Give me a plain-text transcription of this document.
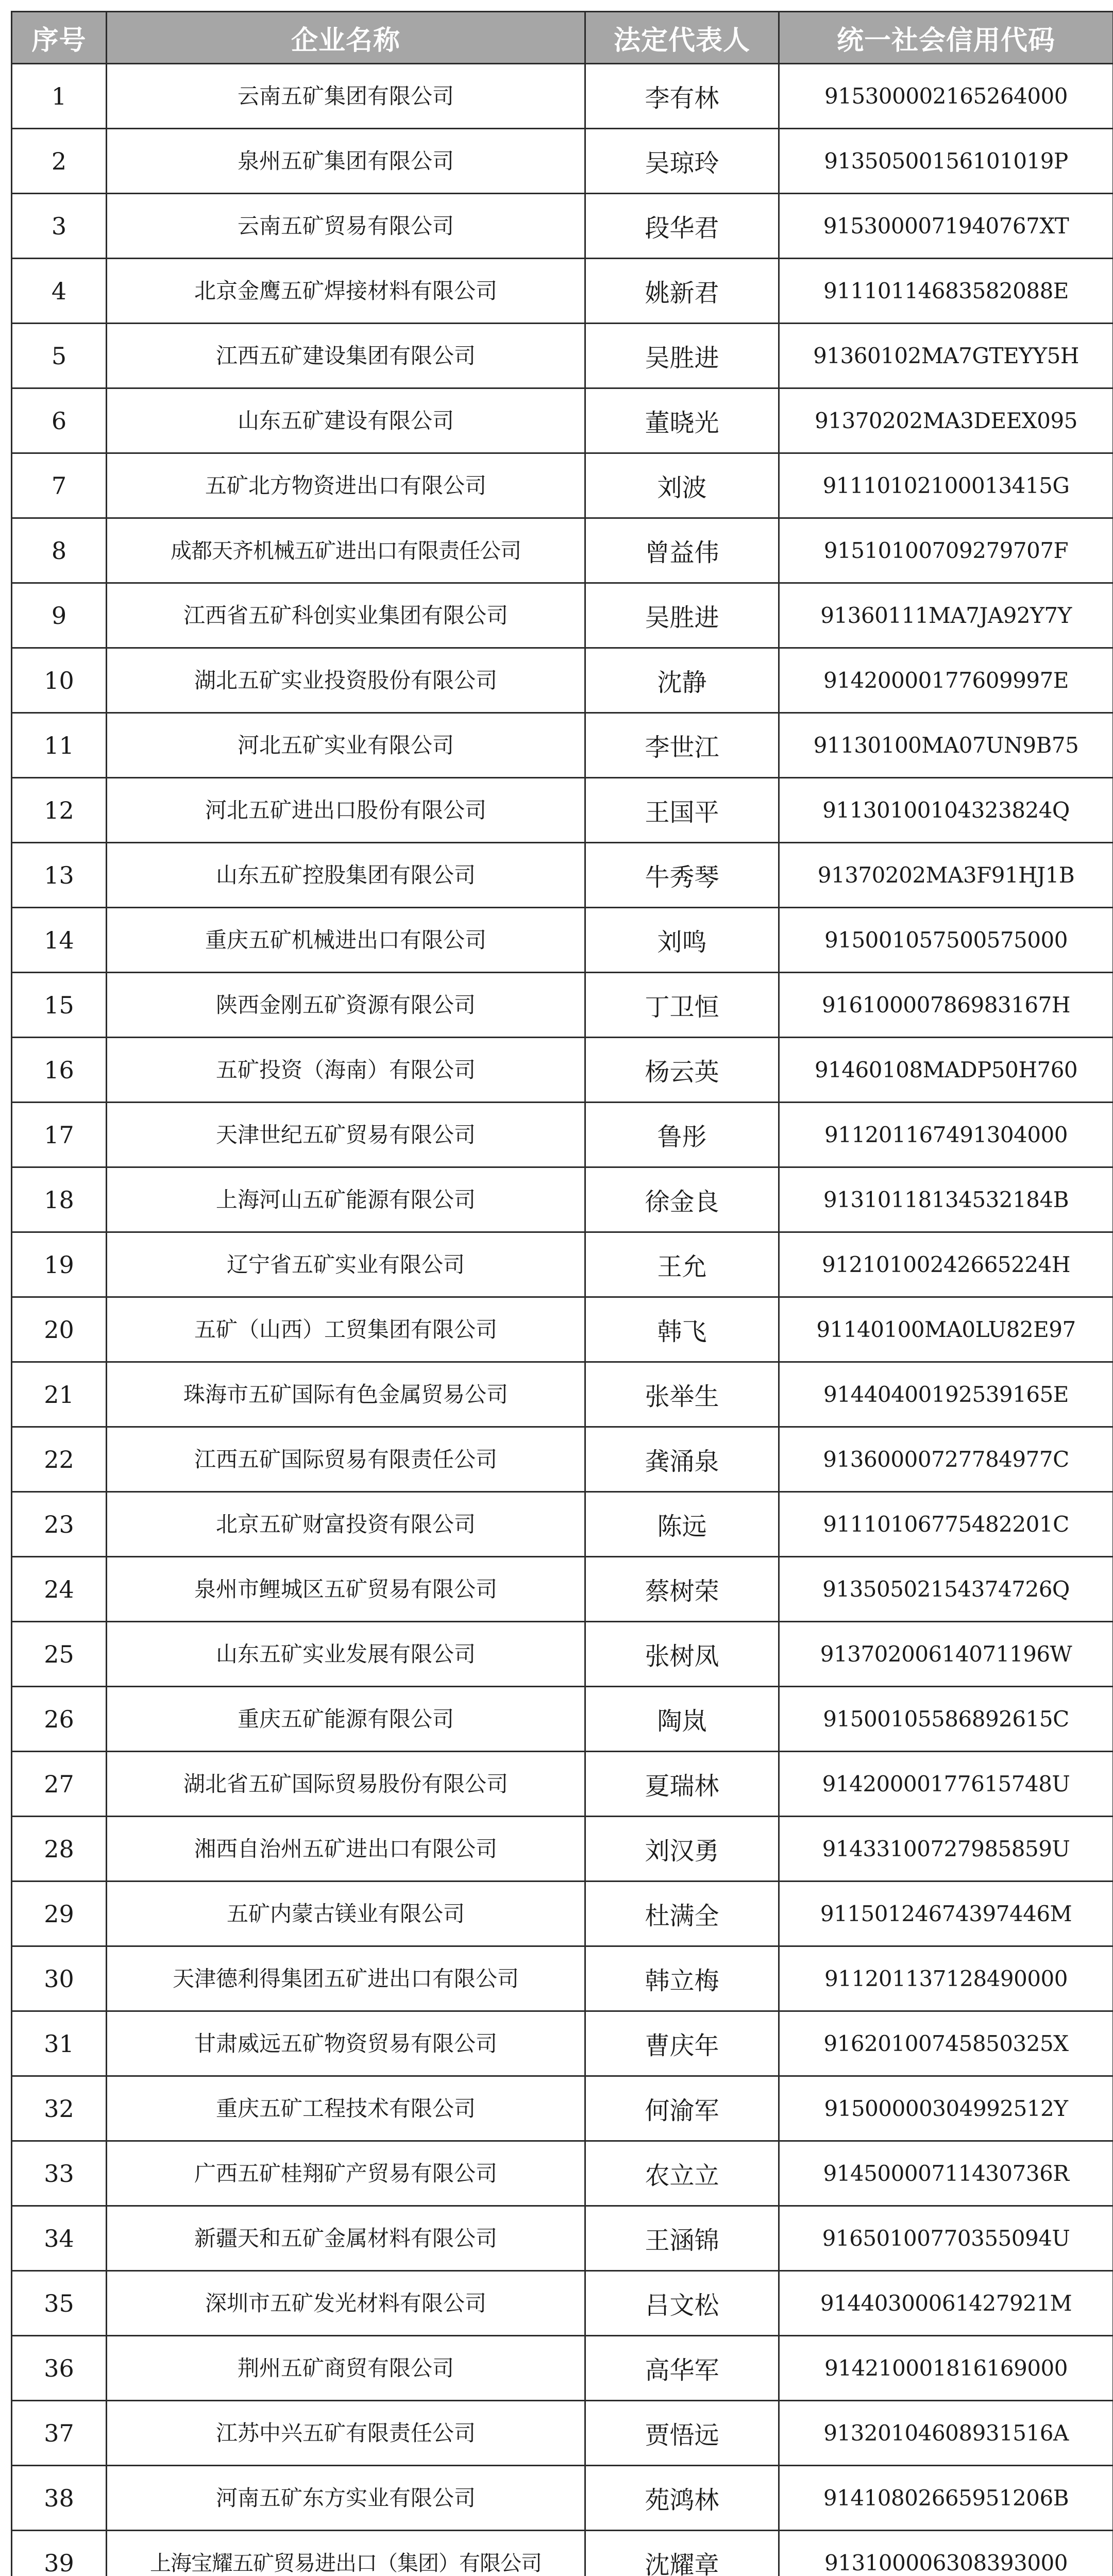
序号	企业名称	法定代表人	统一社会信用代码
1	云南五矿集团有限公司	李有林	915300002165264000
2	泉州五矿集团有限公司	吴琼玲	91350500156101019P
3	云南五矿贸易有限公司	段华君	9153000071940767XT
4	北京金鹰五矿焊接材料有限公司	姚新君	91110114683582088E
5	江西五矿建设集团有限公司	吴胜进	91360102MA7GTEYY5H
6	山东五矿建设有限公司	董晓光	91370202MA3DEEX095
7	五矿北方物资进出口有限公司	刘波	91110102100013415G
8	成都天齐机械五矿进出口有限责任公司	曾益伟	91510100709279707F
9	江西省五矿科创实业集团有限公司	吴胜进	91360111MA7JA92Y7Y
10	湖北五矿实业投资股份有限公司	沈静	91420000177609997E
11	河北五矿实业有限公司	李世江	91130100MA07UN9B75
12	河北五矿进出口股份有限公司	王国平	91130100104323824Q
13	山东五矿控股集团有限公司	牛秀琴	91370202MA3F91HJ1B
14	重庆五矿机械进出口有限公司	刘鸣	915001057500575000
15	陕西金刚五矿资源有限公司	丁卫恒	91610000786983167H
16	五矿投资（海南）有限公司	杨云英	91460108MADP50H760
17	天津世纪五矿贸易有限公司	鲁彤	911201167491304000
18	上海河山五矿能源有限公司	徐金良	91310118134532184B
19	辽宁省五矿实业有限公司	王允	91210100242665224H
20	五矿（山西）工贸集团有限公司	韩飞	91140100MA0LU82E97
21	珠海市五矿国际有色金属贸易公司	张举生	91440400192539165E
22	江西五矿国际贸易有限责任公司	龚涌泉	91360000727784977C
23	北京五矿财富投资有限公司	陈远	91110106775482201C
24	泉州市鲤城区五矿贸易有限公司	蔡树荣	91350502154374726Q
25	山东五矿实业发展有限公司	张树凤	91370200614071196W
26	重庆五矿能源有限公司	陶岚	91500105586892615C
27	湖北省五矿国际贸易股份有限公司	夏瑞林	91420000177615748U
28	湘西自治州五矿进出口有限公司	刘汉勇	91433100727985859U
29	五矿内蒙古镁业有限公司	杜满全	91150124674397446M
30	天津德利得集团五矿进出口有限公司	韩立梅	911201137128490000
31	甘肃威远五矿物资贸易有限公司	曹庆年	91620100745850325X
32	重庆五矿工程技术有限公司	何渝军	91500000304992512Y
33	广西五矿桂翔矿产贸易有限公司	农立立	91450000711430736R
34	新疆天和五矿金属材料有限公司	王涵锦	91650100770355094U
35	深圳市五矿发光材料有限公司	吕文松	91440300061427921M
36	荆州五矿商贸有限公司	高华军	914210001816169000
37	江苏中兴五矿有限责任公司	贾悟远	91320104608931516A
38	河南五矿东方实业有限公司	苑鸿林	91410802665951206B
39	上海宝耀五矿贸易进出口（集团）有限公司	沈耀章	913100006308393000
